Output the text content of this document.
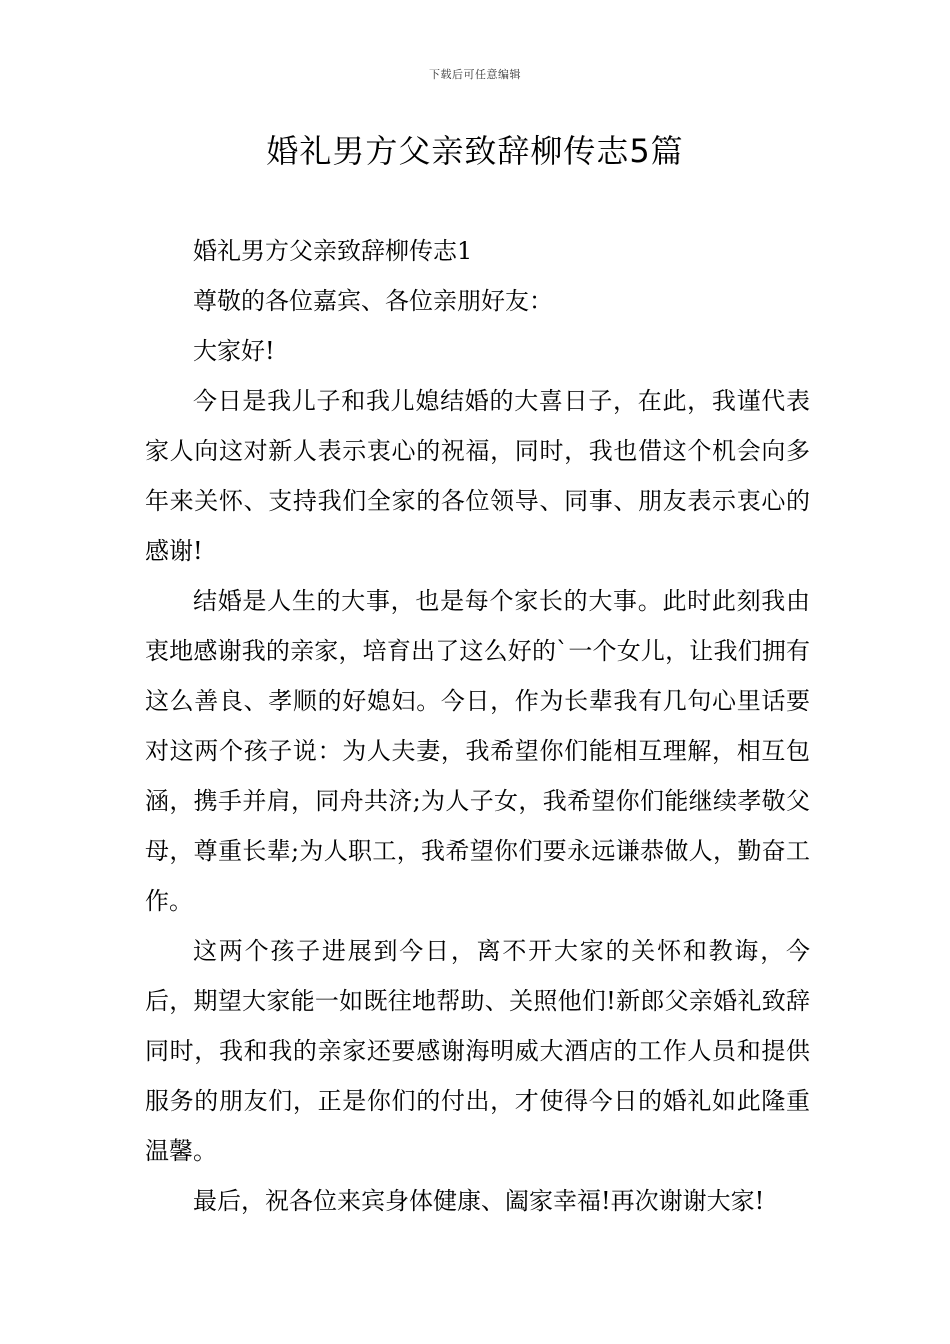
下载后可任意编辑
婚礼男方父亲致辞柳传志5篇

婚礼男方父亲致辞柳传志1

尊敬的各位嘉宾、各位亲朋好友：

大家好!

今日是我儿子和我儿媳结婚的大喜日子，在此，我谨代表家人向这对新人表示衷心的祝福，同时，我也借这个机会向多年来关怀、支持我们全家的各位领导、同事、朋友表示衷心的感谢!

结婚是人生的大事，也是每个家长的大事。此时此刻我由衷地感谢我的亲家，培育出了这么好的`一个女儿，让我们拥有这么善良、孝顺的好媳妇。今日，作为长辈我有几句心里话要对这两个孩子说：为人夫妻，我希望你们能相互理解，相互包涵，携手并肩，同舟共济;为人子女，我希望你们能继续孝敬父母，尊重长辈;为人职工，我希望你们要永远谦恭做人，勤奋工作。

这两个孩子进展到今日，离不开大家的关怀和教诲，今后，期望大家能一如既往地帮助、关照他们!新郎父亲婚礼致辞同时，我和我的亲家还要感谢海明威大酒店的工作人员和提供服务的朋友们，正是你们的付出，才使得今日的婚礼如此隆重温馨。

最后，祝各位来宾身体健康、阖家幸福!再次谢谢大家!
